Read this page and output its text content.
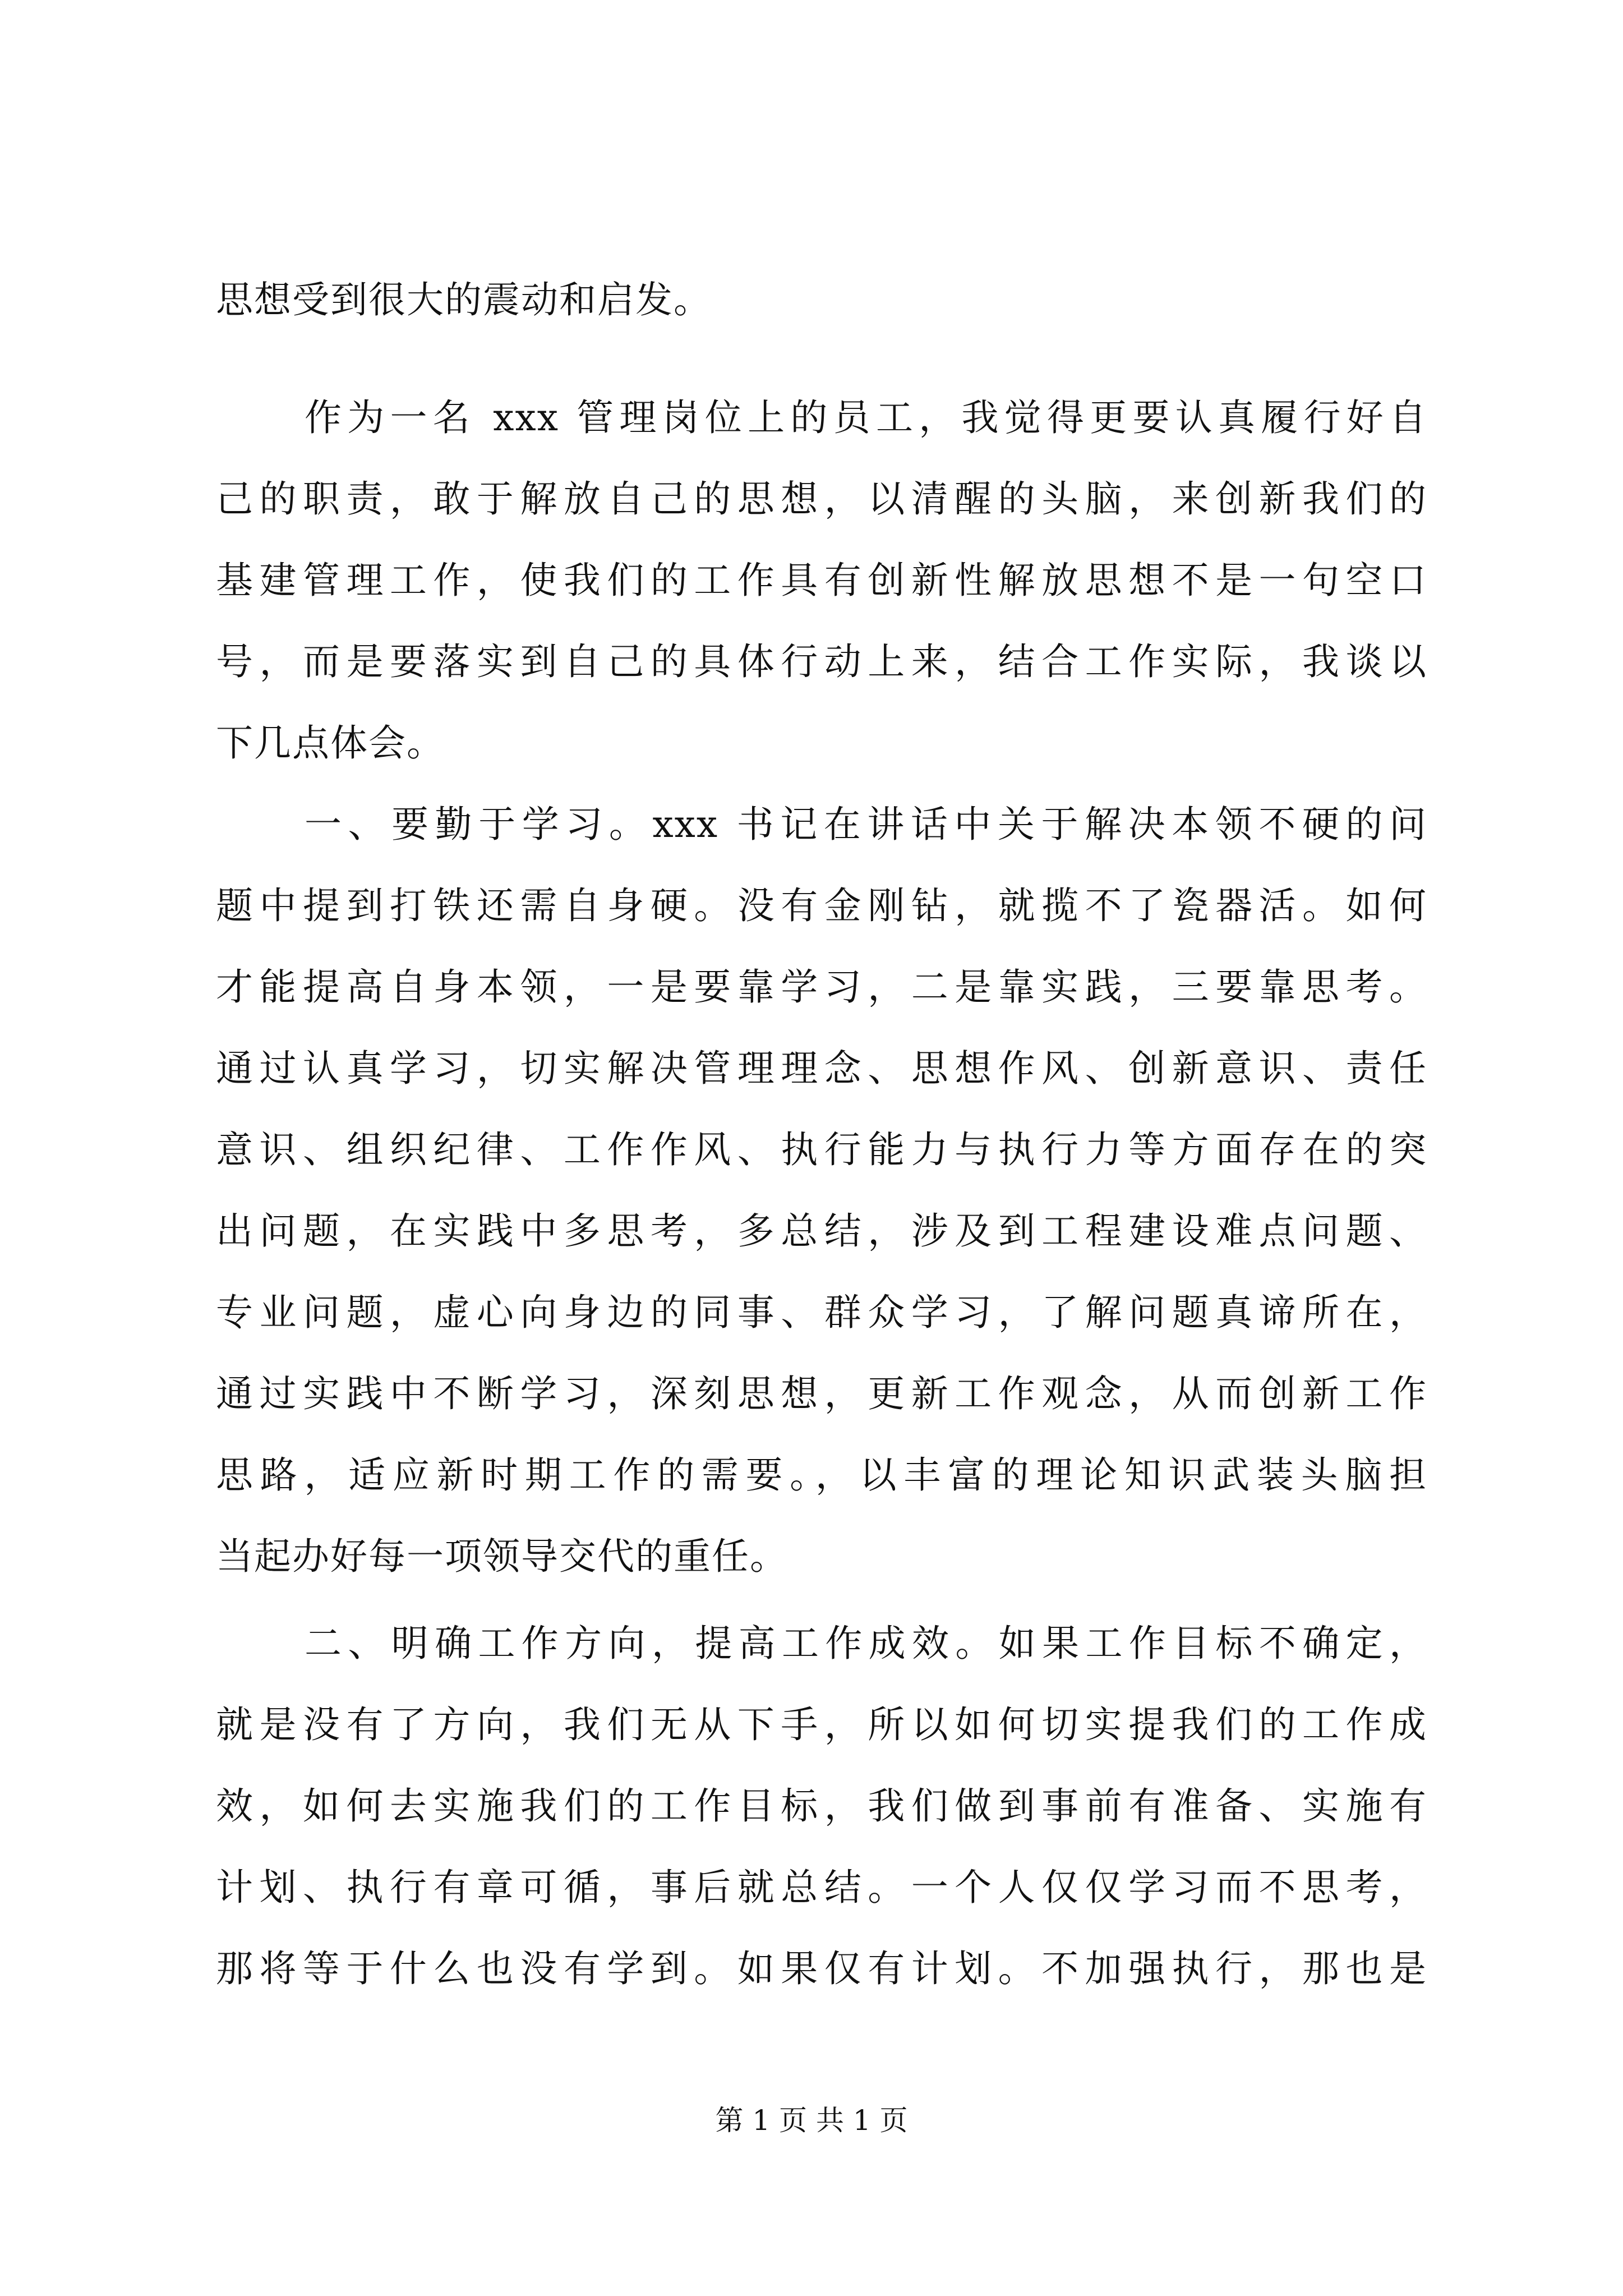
思想受到很大的震动和启发。
作为一名 xxx 管理岗位上的员工，我觉得更要认真履行好自
己的职责，敢于解放自己的思想，以清醒的头脑，来创新我们的
基建管理工作，使我们的工作具有创新性解放思想不是一句空口
号，而是要落实到自己的具体行动上来，结合工作实际，我谈以
下几点体会。
一、要勤于学习。xxx 书记在讲话中关于解决本领不硬的问
题中提到打铁还需自身硬。没有金刚钻，就揽不了瓷器活。如何
才能提高自身本领，一是要靠学习，二是靠实践，三要靠思考。
通过认真学习，切实解决管理理念、思想作风、创新意识、责任
意识、组织纪律、工作作风、执行能力与执行力等方面存在的突
出问题，在实践中多思考，多总结，涉及到工程建设难点问题、
专业问题，虚心向身边的同事、群众学习，了解问题真谛所在，
通过实践中不断学习，深刻思想，更新工作观念，从而创新工作
思路，适应新时期工作的需要。，以丰富的理论知识武装头脑担
当起办好每一项领导交代的重任。
二、明确工作方向，提高工作成效。如果工作目标不确定，
就是没有了方向，我们无从下手，所以如何切实提我们的工作成
效，如何去实施我们的工作目标，我们做到事前有准备、实施有
计划、执行有章可循，事后就总结。一个人仅仅学习而不思考，
那将等于什么也没有学到。如果仅有计划。不加强执行，那也是
第 1 页 共 1 页
